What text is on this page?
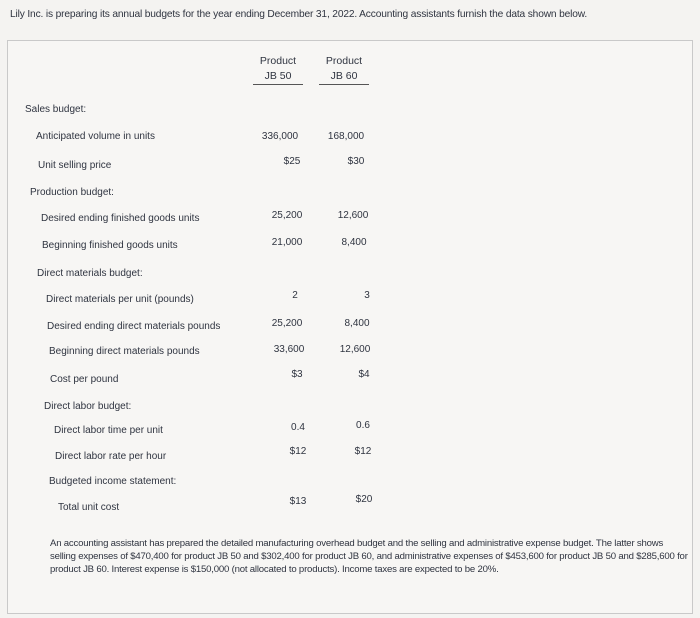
Lily Inc. is preparing its annual budgets for the year ending December 31, 2022. Accounting assistants furnish the data shown below.
Product
JB 50
Product
JB 60
Sales budget:
Production budget:
Direct materials budget:
Direct labor budget:
Budgeted income statement:
Anticipated volume in units
Unit selling price
Desired ending finished goods units
Beginning finished goods units
Direct materials per unit (pounds)
Desired ending direct materials pounds
Beginning direct materials pounds
Cost per pound
Direct labor time per unit
Direct labor rate per hour
Total unit cost
336,000
$25
25,200
21,000
2
25,200
33,600
$3
0.4
$12
$13
168,000
$30
12,600
8,400
3
8,400
12,600
$4
0.6
$12
$20
An accounting assistant has prepared the detailed manufacturing overhead budget and the selling and administrative expense budget. The latter shows selling expenses of $470,400 for product JB 50 and $302,400 for product JB 60, and administrative expenses of $453,600 for product JB 50 and $285,600 for product JB 60. Interest expense is $150,000 (not allocated to products). Income taxes are expected to be 20%.
